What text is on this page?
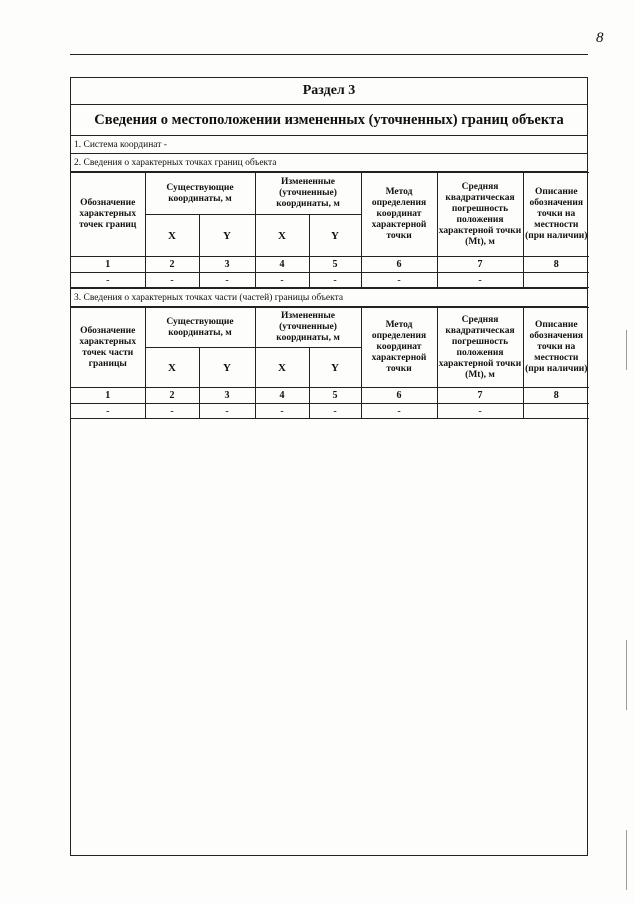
8
Раздел 3
Сведения о местоположении измененных (уточненных) границ объекта
1. Система координат -
2. Сведения о характерных точках границ объекта
Обозначение характерных точек границ	Существующие координаты, м		Измененные (уточненные) координаты, м		Метод определения координат характерной точки	Средняя квадратическая погрешность положения характерной точки (Mt), м	Описание обозначения точки на местности (при наличии)
	X	Y	X	Y			
1	2	3	4	5	6	7	8
-	-	-	-	-	-	-	
3. Сведения о характерных точках части (частей) границы объекта
Обозначение характерных точек части границы	Существующие координаты, м		Измененные (уточненные) координаты, м		Метод определения координат характерной точки	Средняя квадратическая погрешность положения характерной точки (Mt), м	Описание обозначения точки на местности (при наличии)
	X	Y	X	Y			
1	2	3	4	5	6	7	8
-	-	-	-	-	-	-	
